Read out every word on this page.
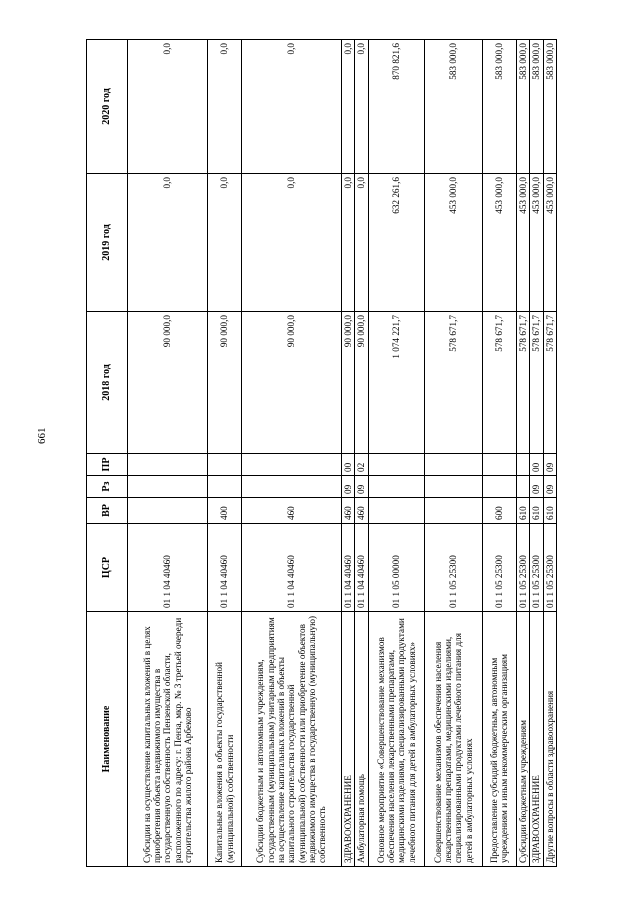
661
Наименование	ЦСР	ВР	Рз	ПР	2018 год	2019 год	2020 год
Субсидии на осуществление капитальных вложений в целях приобретения объекта недвижимого имущества в государственную собственность Пензенской области, расположенного по адресу: г. Пенза, мкр. № 3 третьей очереди строительства жилого района Арбеково	01 1 04 40460				90 000,0	0,0	0,0
Капитальные вложения в объекты государственной (муниципальной) собственности	01 1 04 40460	400			90 000,0	0,0	0,0
Субсидии бюджетным и автономным учреждениям, государственным (муниципальным) унитарным предприятиям на осуществление капитальных вложений в объекты капитального строительства государственной (муниципальной) собственности или приобретение объектов недвижимого имущества в государственную (муниципальную) собственность	01 1 04 40460	460			90 000,0	0,0	0,0
ЗДРАВООХРАНЕНИЕ	01 1 04 40460	460	09	00	90 000,0	0,0	0,0
Амбулаторная помощь	01 1 04 40460	460	09	02	90 000,0	0,0	0,0
Основное мероприятие «Совершенствование механизмов обеспечения населения лекарственными препаратами, медицинскими изделиями, специализированными продуктами лечебного питания для детей в амбулаторных условиях»	01 1 05 00000				1 074 221,7	632 261,6	870 821,6
Совершенствование механизмов обеспечения населения лекарственными препаратами, медицинскими изделиями, специализированными продуктами лечебного питания для детей в амбулаторных условиях	01 1 05 25300				578 671,7	453 000,0	583 000,0
Предоставление субсидий бюджетным, автономным учреждениям и иным некоммерческим организациям	01 1 05 25300	600			578 671,7	453 000,0	583 000,0
Субсидии бюджетным учреждениям	01 1 05 25300	610			578 671,7	453 000,0	583 000,0
ЗДРАВООХРАНЕНИЕ	01 1 05 25300	610	09	00	578 671,7	453 000,0	583 000,0
Другие вопросы в области здравоохранения	01 1 05 25300	610	09	09	578 671,7	453 000,0	583 000,0
